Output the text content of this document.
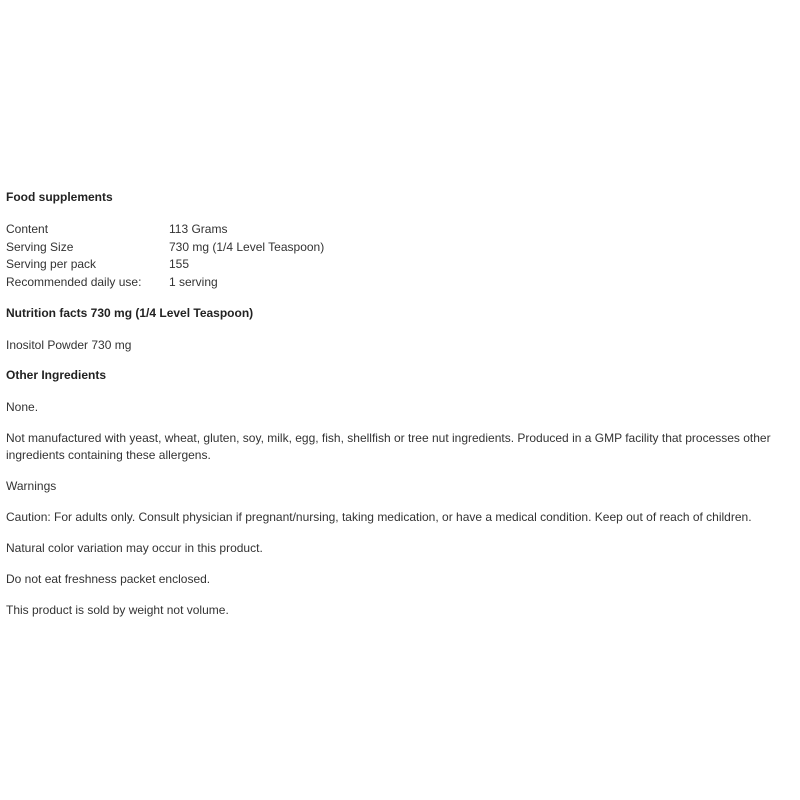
Food supplements
Content	113 Grams
Serving Size	730 mg (1/4 Level Teaspoon)
Serving per pack	155
Recommended daily use:	1 serving
Nutrition facts 730 mg (1/4 Level Teaspoon)
Inositol Powder 730 mg
Other Ingredients
None.
Not manufactured with yeast, wheat, gluten, soy, milk, egg, fish, shellfish or tree nut ingredients. Produced in a GMP facility that processes other ingredients containing these allergens.
Warnings
Caution: For adults only. Consult physician if pregnant/nursing, taking medication, or have a medical condition. Keep out of reach of children.
Natural color variation may occur in this product.
Do not eat freshness packet enclosed.
This product is sold by weight not volume.
